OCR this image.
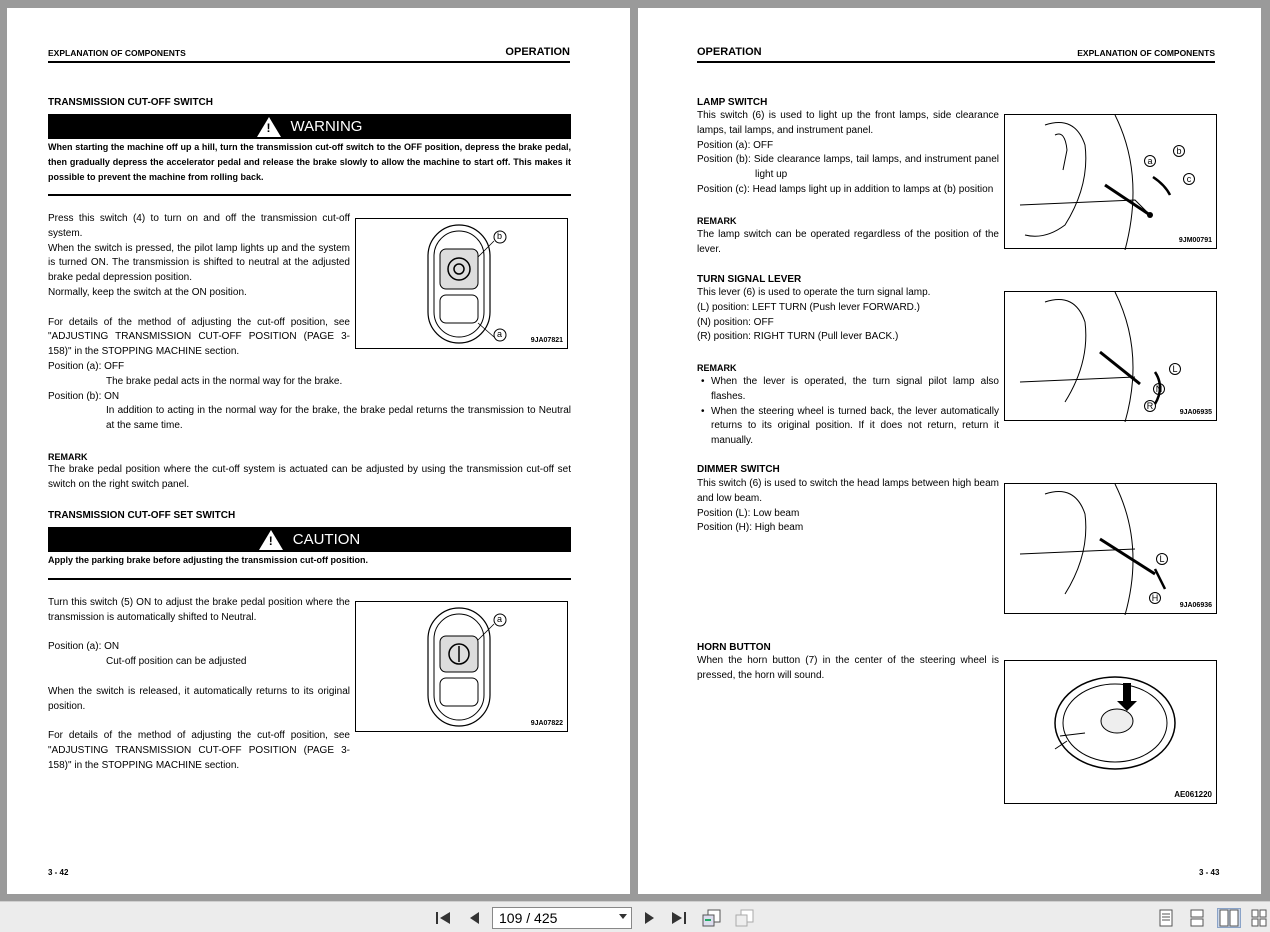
EXPLANATION OF COMPONENTS	OPERATION
TRANSMISSION CUT-OFF SWITCH
! WARNING
When starting the machine off up a hill, turn the transmission cut-off switch to the OFF position, depress the brake pedal, then gradually depress the accelerator pedal and release the brake slowly to allow the machine to start off. This makes it possible to prevent the machine from rolling back.
Press this switch (4) to turn on and off the transmission cut-off system.
When the switch is pressed, the pilot lamp lights up and the system is turned ON. The transmission is shifted to neutral at the adjusted brake pedal depression position.
Normally, keep the switch at the ON position.
For details of the method of adjusting the cut-off position, see "ADJUSTING TRANSMISSION CUT-OFF POSITION (PAGE 3-158)" in the STOPPING MACHINE section.
Position (a): OFF
The brake pedal acts in the normal way for the brake.
Position (b): ON
In addition to acting in the normal way for the brake, the brake pedal returns the transmission to Neutral at the same time.
REMARK
The brake pedal position where the cut-off system is actuated can be adjusted by using the transmission cut-off set switch on the right switch panel.
b
a
9JA07821
TRANSMISSION CUT-OFF SET SWITCH
! CAUTION
Apply the parking brake before adjusting the transmission cut-off position.
Turn this switch (5) ON to adjust the brake pedal position where the transmission is automatically shifted to Neutral.
Position (a): ON
Cut-off position can be adjusted
When the switch is released, it automatically returns to its original position.
For details of the method of adjusting the cut-off position, see "ADJUSTING TRANSMISSION CUT-OFF POSITION (PAGE 3-158)" in the STOPPING MACHINE section.
a
9JA07822
3 - 42
OPERATION	EXPLANATION OF COMPONENTS
LAMP SWITCH
This switch (6) is used to light up the front lamps, side clearance lamps, tail lamps, and instrument panel.
Position (a): OFF
Position (b): Side clearance lamps, tail lamps, and instrument panel light up
Position (c): Head lamps light up in addition to lamps at (b) position
REMARK
The lamp switch can be operated regardless of the position of the lever.
a
b
c
9JM00791
TURN SIGNAL LEVER
This lever (6) is used to operate the turn signal lamp.
(L) position: LEFT TURN (Push lever FORWARD.)
(N) position: OFF
(R) position: RIGHT TURN (Pull lever BACK.)
REMARK
• When the lever is operated, the turn signal pilot lamp also flashes.
• When the steering wheel is turned back, the lever automatically returns to its original position. If it does not return, return it manually.
L
N
R
9JA06935
DIMMER SWITCH
This switch (6) is used to switch the head lamps between high beam and low beam.
Position (L): Low beam
Position (H): High beam
L
H
9JA06936
HORN BUTTON
When the horn button (7) in the center of the steering wheel is pressed, the horn will sound.
AE061220
3 - 43
109 / 425
